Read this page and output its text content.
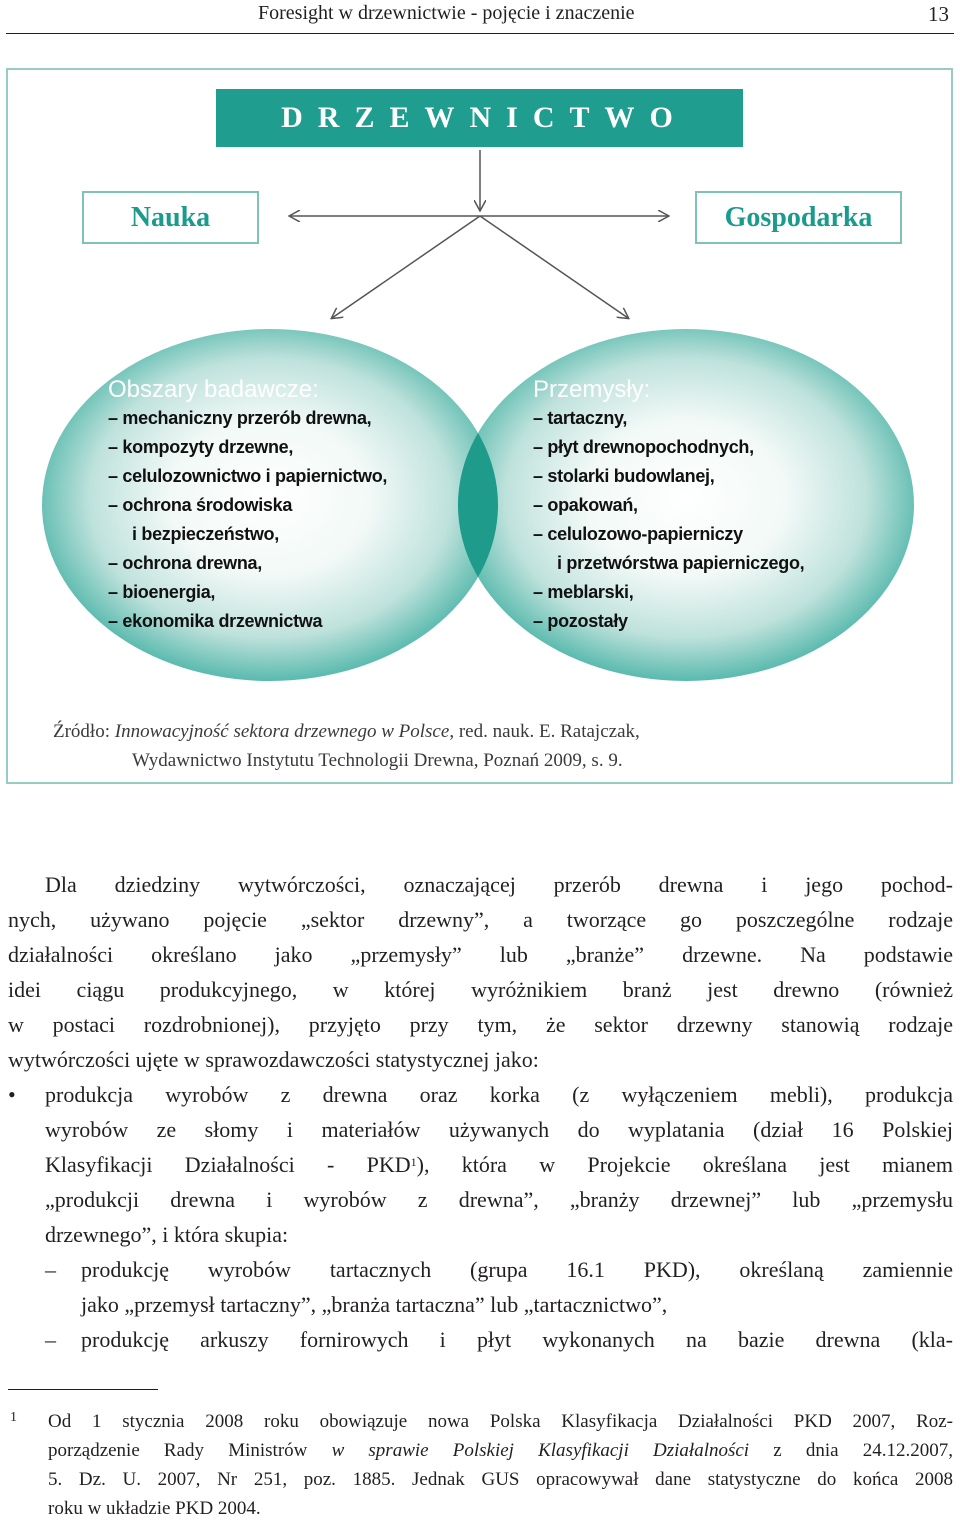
Foresight w drzewnictwie - pojęcie i znaczenie	13
DRZEWNICTWO
Nauka	Gospodarka
Obszary badawcze:
– mechaniczny przerób drewna,
– kompozyty drzewne,
– celulozownictwo i papiernictwo,
– ochrona środowiska
i bezpieczeństwo,
– ochrona drewna,
– bioenergia,
– ekonomika drzewnictwa
Przemysły:
– tartaczny,
– płyt drewnopochodnych,
– stolarki budowlanej,
– opakowań,
– celulozowo-papierniczy
i przetwórstwa papierniczego,
– meblarski,
– pozostały
Źródło: Innowacyjność sektora drzewnego w Polsce, red. nauk. E. Ratajczak,
Wydawnictwo Instytutu Technologii Drewna, Poznań 2009, s. 9.
Dla dziedziny wytwórczości, oznaczającej przerób drewna i jego pochod-
nych, używano pojęcie „sektor drzewny”, a tworzące go poszczególne rodzaje
działalności określano jako „przemysły” lub „branże” drzewne. Na podstawie
idei ciągu produkcyjnego, w której wyróżnikiem branż jest drewno (również
w postaci rozdrobnionej), przyjęto przy tym, że sektor drzewny stanowią rodzaje
wytwórczości ujęte w sprawozdawczości statystycznej jako:
• produkcja wyrobów z drewna oraz korka (z wyłączeniem mebli), produkcja
wyrobów ze słomy i materiałów używanych do wyplatania (dział 16 Polskiej
Klasyfikacji Działalności - PKD$^1$), która w Projekcie określana jest mianem
„produkcji drewna i wyrobów z drewna”, „branży drzewnej” lub „przemysłu
drzewnego”, i która skupia:
– produkcję wyrobów tartacznych (grupa 16.1 PKD), określaną zamiennie
jako „przemysł tartaczny”, „branża tartaczna” lub „tartacznictwo”,
– produkcję arkuszy fornirowych i płyt wykonanych na bazie drewna (kla-
1 Od 1 stycznia 2008 roku obowiązuje nowa Polska Klasyfikacja Działalności PKD 2007, Roz-
porządzenie Rady Ministrów w sprawie Polskiej Klasyfikacji Działalności z dnia 24.12.2007,
5. Dz. U. 2007, Nr 251, poz. 1885. Jednak GUS opracowywał dane statystyczne do końca 2008
roku w układzie PKD 2004.
